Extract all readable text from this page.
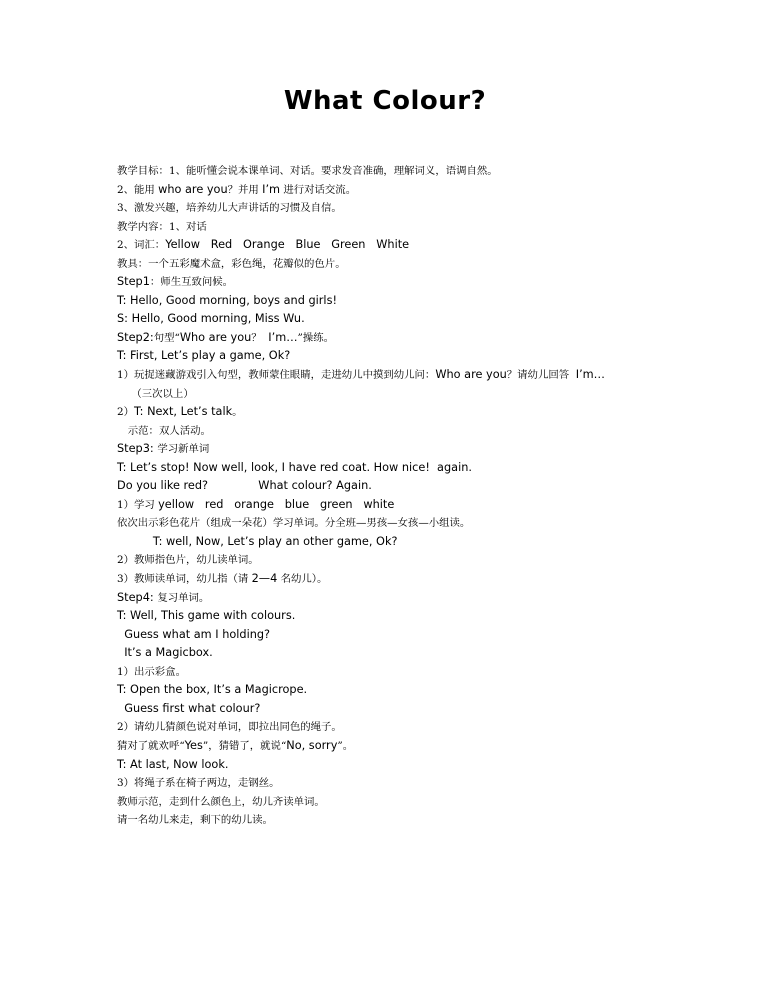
What Colour?
教学目标：1、能听懂会说本课单词、对话。要求发音准确，理解词义，语调自然。
2、能用 who are you？并用 I’m 进行对话交流。
3、激发兴趣，培养幼儿大声讲话的习惯及自信。
教学内容：1、对话
2、词汇：Yellow   Red   Orange   Blue   Green   White
教具：一个五彩魔术盒，彩色绳，花瓣似的色片。
Step1：师生互致问候。
T: Hello, Good morning, boys and girls!
S: Hello, Good morning, Miss Wu.
Step2:句型“Who are you？  I’m…”操练。
T: First, Let’s play a game, Ok?
1）玩捉迷藏游戏引入句型，教师蒙住眼睛，走进幼儿中摸到幼儿问：Who are you？请幼儿回答  I’m…
（三次以上）
2）T: Next, Let’s talk。
示范：双人活动。
Step3: 学习新单词
T: Let’s stop! Now well, look, I have red coat. How nice!  again.
Do you like red?              What colour? Again.
1）学习 yellow   red   orange   blue   green   white
依次出示彩色花片（组成一朵花）学习单词。分全班—男孩—女孩—小组读。
T: well, Now, Let’s play an other game, Ok?
2）教师指色片，幼儿读单词。
3）教师读单词，幼儿指（请 2—4 名幼儿）。
Step4: 复习单词。
T: Well, This game with colours.
Guess what am I holding?
It’s a Magicbox.
1）出示彩盒。
T: Open the box, It’s a Magicrope.
Guess first what colour?
2）请幼儿猜颜色说对单词，即拉出同色的绳子。
猜对了就欢呼“Yes”，猜错了，就说“No, sorry”。
T: At last, Now look.
3）将绳子系在椅子两边，走钢丝。
教师示范，走到什么颜色上，幼儿齐读单词。
请一名幼儿来走，剩下的幼儿读。
